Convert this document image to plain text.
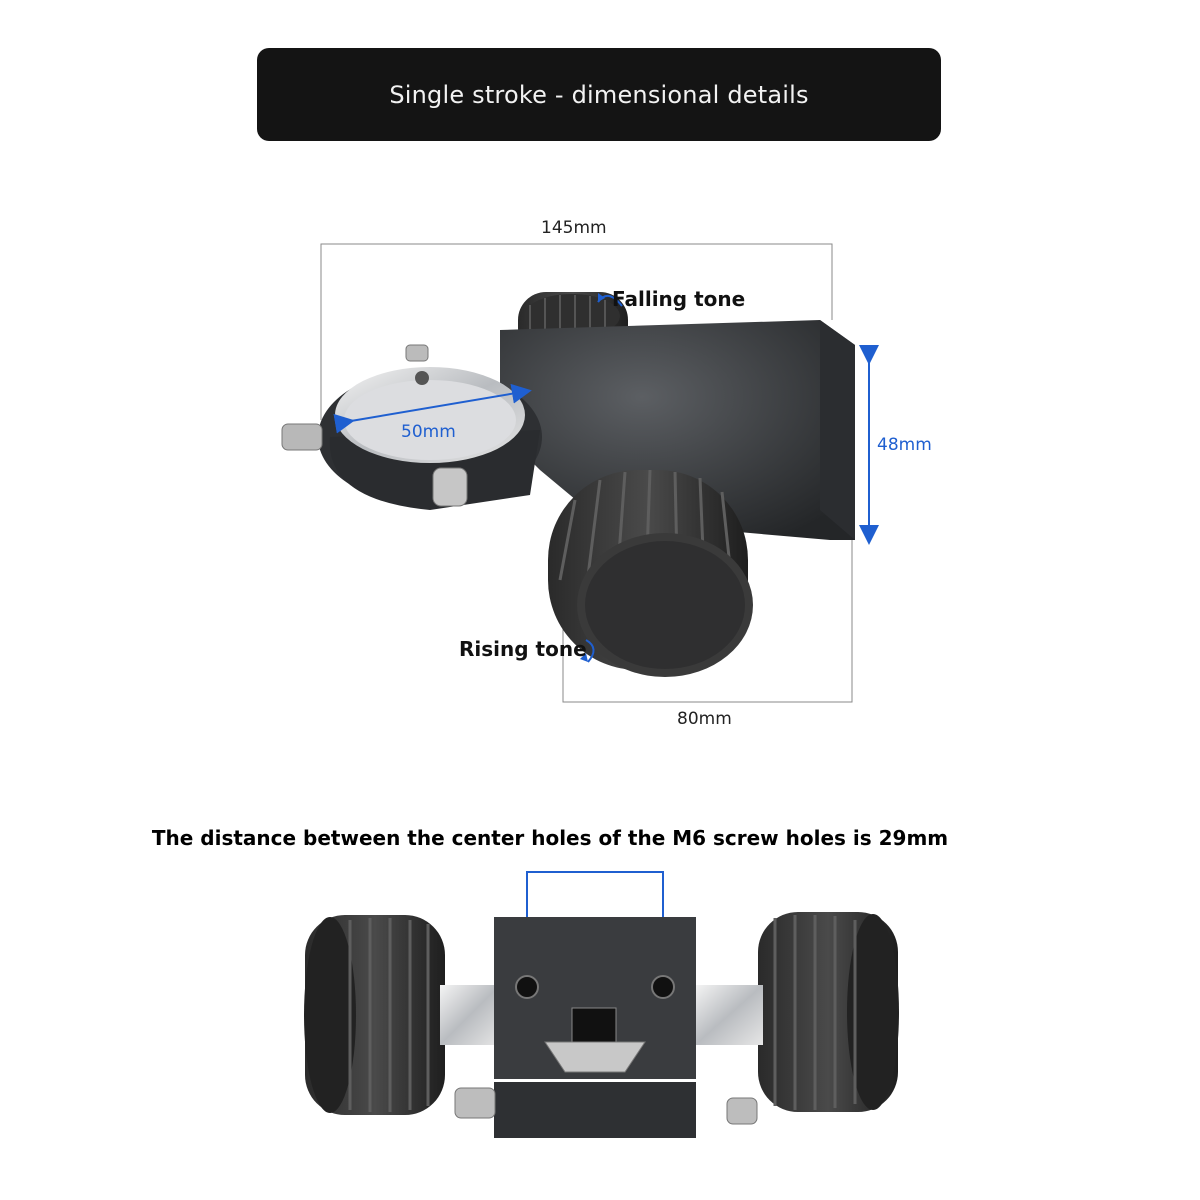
Single stroke - dimensional details
145mm
50mm
48mm
80mm
Falling tone
Rising tone
The distance between the center holes of the M6 screw holes is 29mm
